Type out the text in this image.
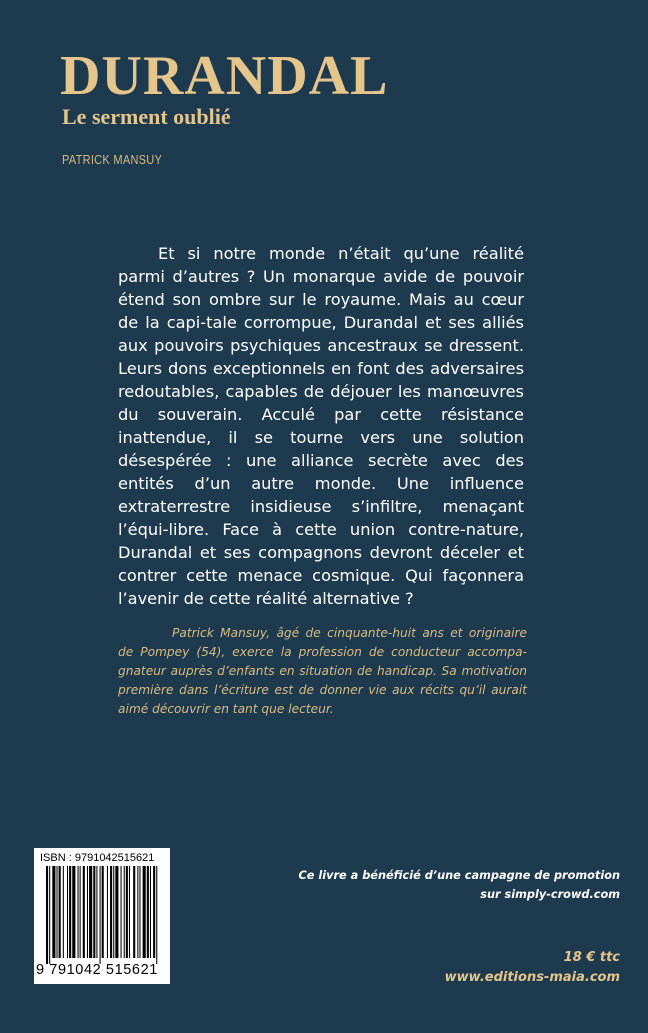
DURANDAL
Le serment oublié

PATRICK MANSUY

Et si notre monde n’était qu’une réalité parmi d’autres ? Un monarque avide de pouvoir étend son ombre sur le royaume. Mais au cœur de la capi-tale corrompue, Durandal et ses alliés aux pouvoirs psychiques ancestraux se dressent. Leurs dons exceptionnels en font des adversaires redoutables, capables de déjouer les manœuvres du souverain. Acculé par cette résistance inattendue, il se tourne vers une solution désespérée : une alliance secrète avec des entités d’un autre monde. Une influence extraterrestre insidieuse s’infiltre, menaçant l’équi-libre. Face à cette union contre-nature, Durandal et ses compagnons devront déceler et contrer cette menace cosmique. Qui façonnera l’avenir de cette réalité alternative ?

Patrick Mansuy, âgé de cinquante-huit ans et originaire de Pompey (54), exerce la profession de conducteur accompa-gnateur auprès d’enfants en situation de handicap. Sa motivation première dans l’écriture est de donner vie aux récits qu’il aurait aimé découvrir en tant que lecteur.

ISBN : 9791042515621
9 791042 515621

Ce livre a bénéficié d’une campagne de promotion
sur simply-crowd.com

18 € ttc

www.editions-maia.com
